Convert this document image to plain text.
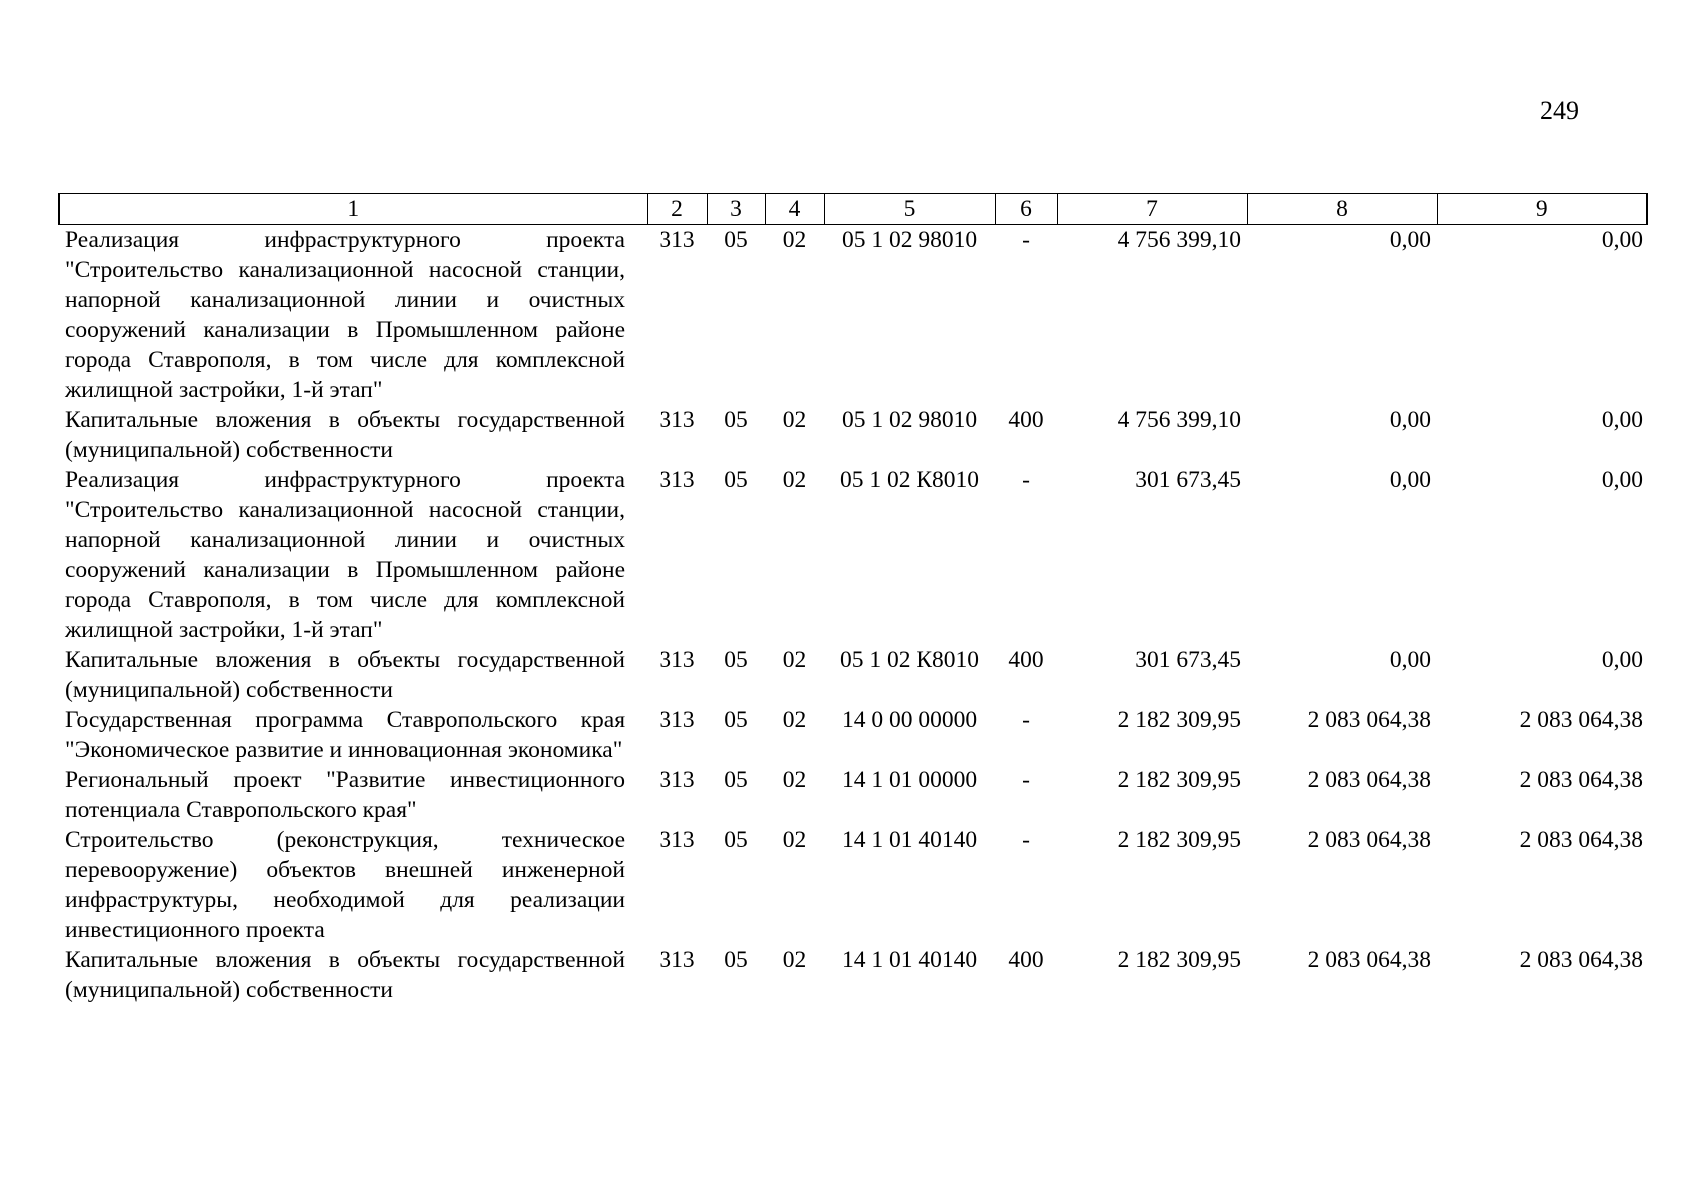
249
1	2	3	4	5	6	7	8	9
Реализация инфраструктурного проекта "Строительство канализационной насосной станции, напорной канализационной линии и очистных сооружений канализации в Промышленном районе города Ставрополя, в том числе для комплексной жилищной застройки, 1-й этап"	313	05	02	05 1 02 98010	-	4 756 399,10	0,00	0,00
Капитальные вложения в объекты государственной (муниципальной) собственности	313	05	02	05 1 02 98010	400	4 756 399,10	0,00	0,00
Реализация инфраструктурного проекта "Строительство канализационной насосной станции, напорной канализационной линии и очистных сооружений канализации в Промышленном районе города Ставрополя, в том числе для комплексной жилищной застройки, 1-й этап"	313	05	02	05 1 02 К8010	-	301 673,45	0,00	0,00
Капитальные вложения в объекты государственной (муниципальной) собственности	313	05	02	05 1 02 К8010	400	301 673,45	0,00	0,00
Государственная программа Ставропольского края "Экономическое развитие и инновационная экономика"	313	05	02	14 0 00 00000	-	2 182 309,95	2 083 064,38	2 083 064,38
Региональный проект "Развитие инвестиционного потенциала Ставропольского края"	313	05	02	14 1 01 00000	-	2 182 309,95	2 083 064,38	2 083 064,38
Строительство (реконструкция, техническое перевооружение) объектов внешней инженерной инфраструктуры, необходимой для реализации инвестиционного проекта	313	05	02	14 1 01 40140	-	2 182 309,95	2 083 064,38	2 083 064,38
Капитальные вложения в объекты государственной (муниципальной) собственности	313	05	02	14 1 01 40140	400	2 182 309,95	2 083 064,38	2 083 064,38
